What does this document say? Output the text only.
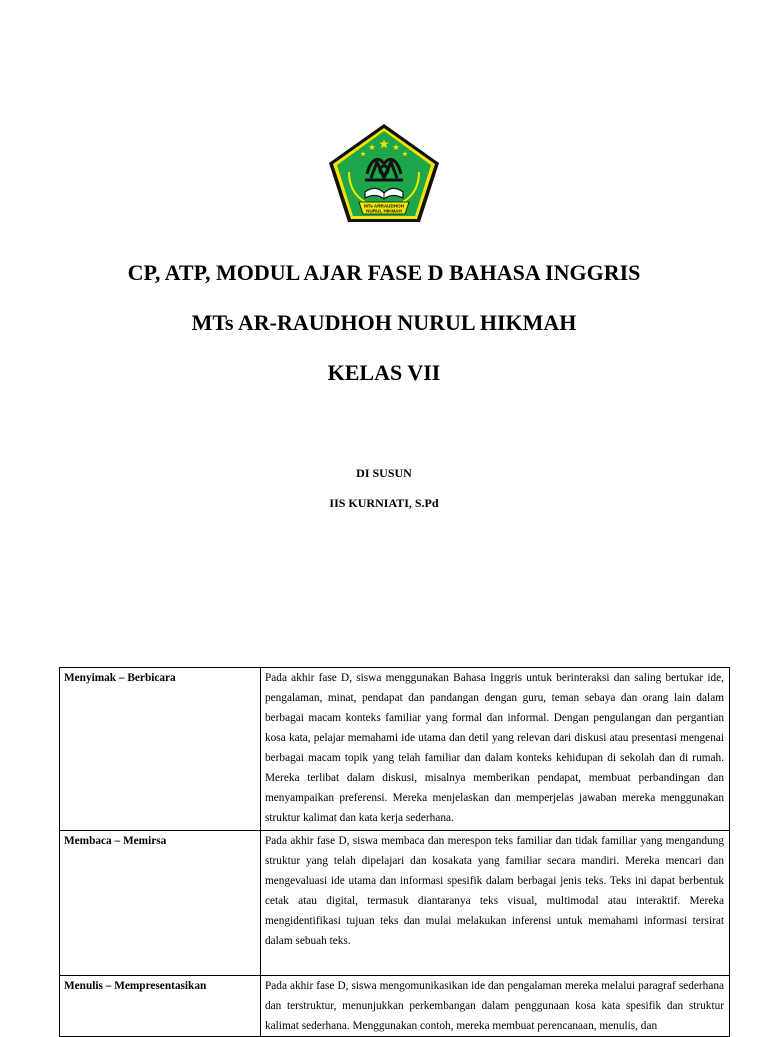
MTs ARRAUDHOH
NURUL HIKMAH
CP, ATP, MODUL AJAR FASE D BAHASA INGGRIS
MTs AR-RAUDHOH NURUL HIKMAH
KELAS VII
DI SUSUN
IIS KURNIATI, S.Pd
Menyimak – Berbicara	Pada akhir fase D, siswa menggunakan Bahasa Inggris untuk berinteraksi dan saling bertukar ide, pengalaman, minat, pendapat dan pandangan dengan guru, teman sebaya dan orang lain dalam berbagai macam konteks familiar yang formal dan informal. Dengan pengulangan dan pergantian kosa kata, pelajar memahami ide utama dan detil yang relevan dari diskusi atau presentasi mengenai berbagai macam topik yang telah familiar dan dalam konteks kehidupan di sekolah dan di rumah. Mereka terlibat dalam diskusi, misalnya memberikan pendapat, membuat perbandingan dan menyampaikan preferensi. Mereka menjelaskan dan memperjelas jawaban mereka menggunakan struktur kalimat dan kata kerja sederhana.
Membaca – Memirsa	Pada akhir fase D, siswa membaca dan merespon teks familiar dan tidak familiar yang mengandung struktur yang telah dipelajari dan kosakata yang familiar secara mandiri. Mereka mencari dan mengevaluasi ide utama dan informasi spesifik dalam berbagai jenis teks. Teks ini dapat berbentuk cetak atau digital, termasuk diantaranya teks visual, multimodal atau interaktif. Mereka mengidentifikasi tujuan teks dan mulai melakukan inferensi untuk memahami informasi tersirat dalam sebuah teks.
Menulis – Mempresentasikan	Pada akhir fase D, siswa mengomunikasikan ide dan pengalaman mereka melalui paragraf sederhana dan terstruktur, menunjukkan perkembangan dalam penggunaan kosa kata spesifik dan struktur kalimat sederhana. Menggunakan contoh, mereka membuat perencanaan, menulis, dan
